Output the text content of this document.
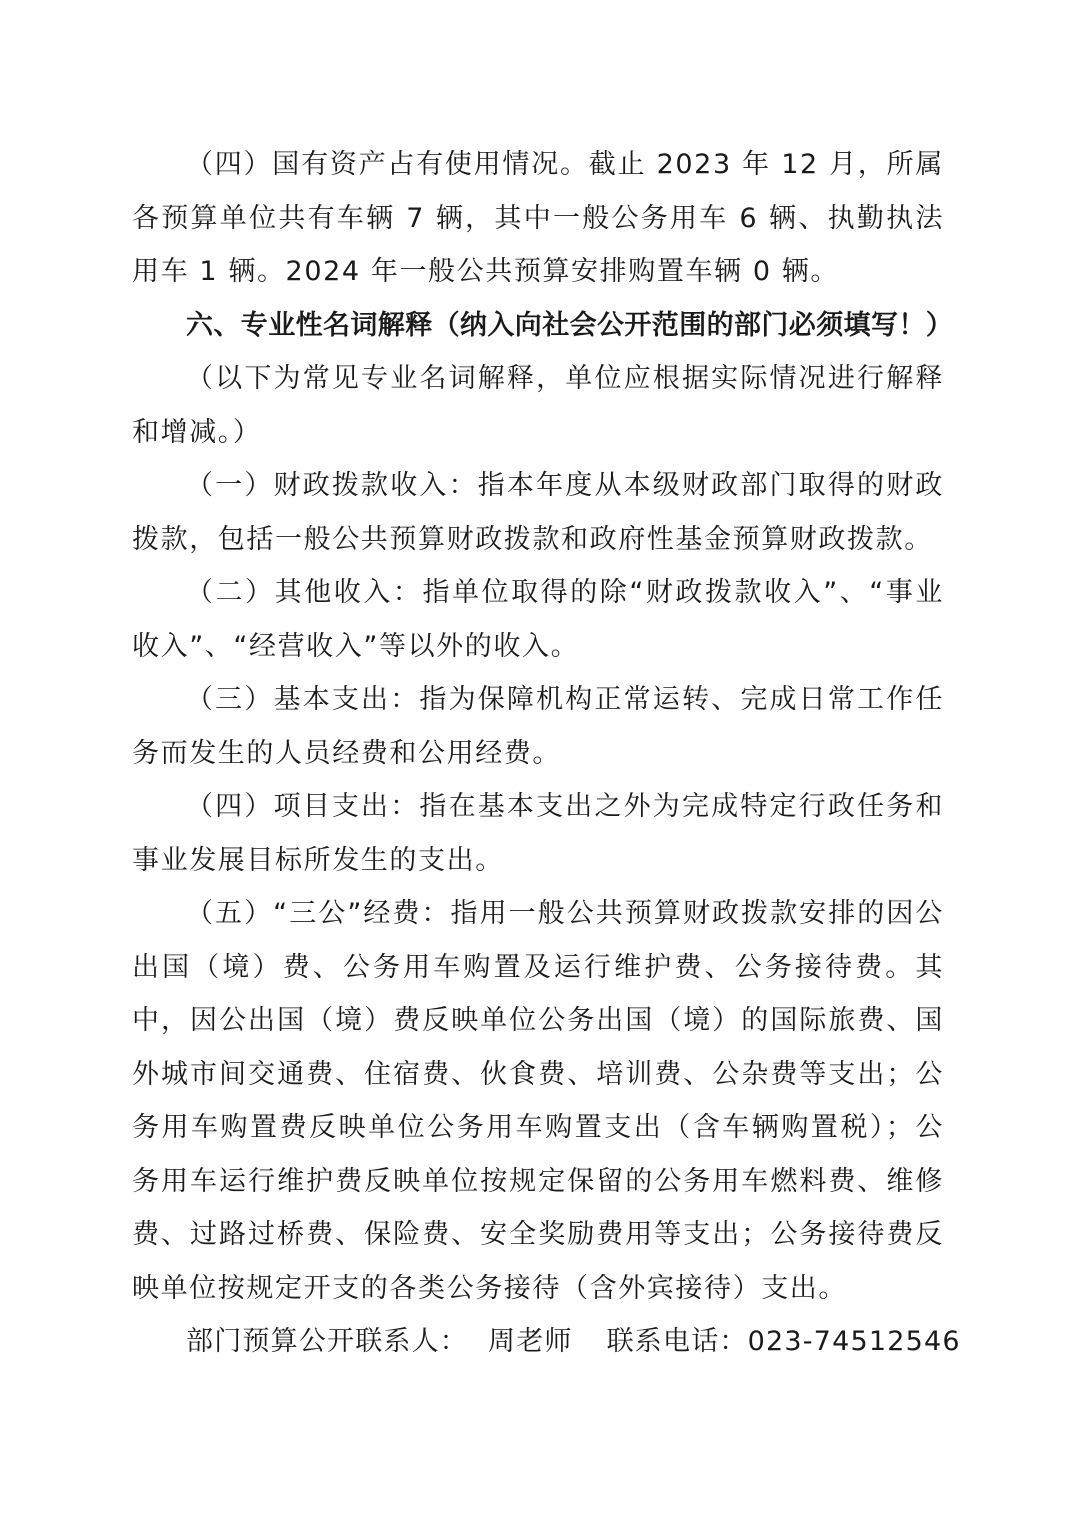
（四）国有资产占有使用情况。截止 2023 年 12 月，所属各预算单位共有车辆 7 辆，其中一般公务用车 6 辆、执勤执法用车 1 辆。2024 年一般公共预算安排购置车辆 0 辆。

六、专业性名词解释（纳入向社会公开范围的部门必须填写！）

（以下为常见专业名词解释，单位应根据实际情况进行解释和增减。）

（一）财政拨款收入：指本年度从本级财政部门取得的财政拨款，包括一般公共预算财政拨款和政府性基金预算财政拨款。

（二）其他收入：指单位取得的除“财政拨款收入”、“事业收入”、“经营收入”等以外的收入。

（三）基本支出：指为保障机构正常运转、完成日常工作任务而发生的人员经费和公用经费。

（四）项目支出：指在基本支出之外为完成特定行政任务和事业发展目标所发生的支出。

（五）“三公”经费：指用一般公共预算财政拨款安排的因公出国（境）费、公务用车购置及运行维护费、公务接待费。其中，因公出国（境）费反映单位公务出国（境）的国际旅费、国外城市间交通费、住宿费、伙食费、培训费、公杂费等支出；公务用车购置费反映单位公务用车购置支出（含车辆购置税）；公务用车运行维护费反映单位按规定保留的公务用车燃料费、维修费、过路过桥费、保险费、安全奖励费用等支出；公务接待费反映单位按规定开支的各类公务接待（含外宾接待）支出。

部门预算公开联系人： 周老师 联系电话：023-74512546
